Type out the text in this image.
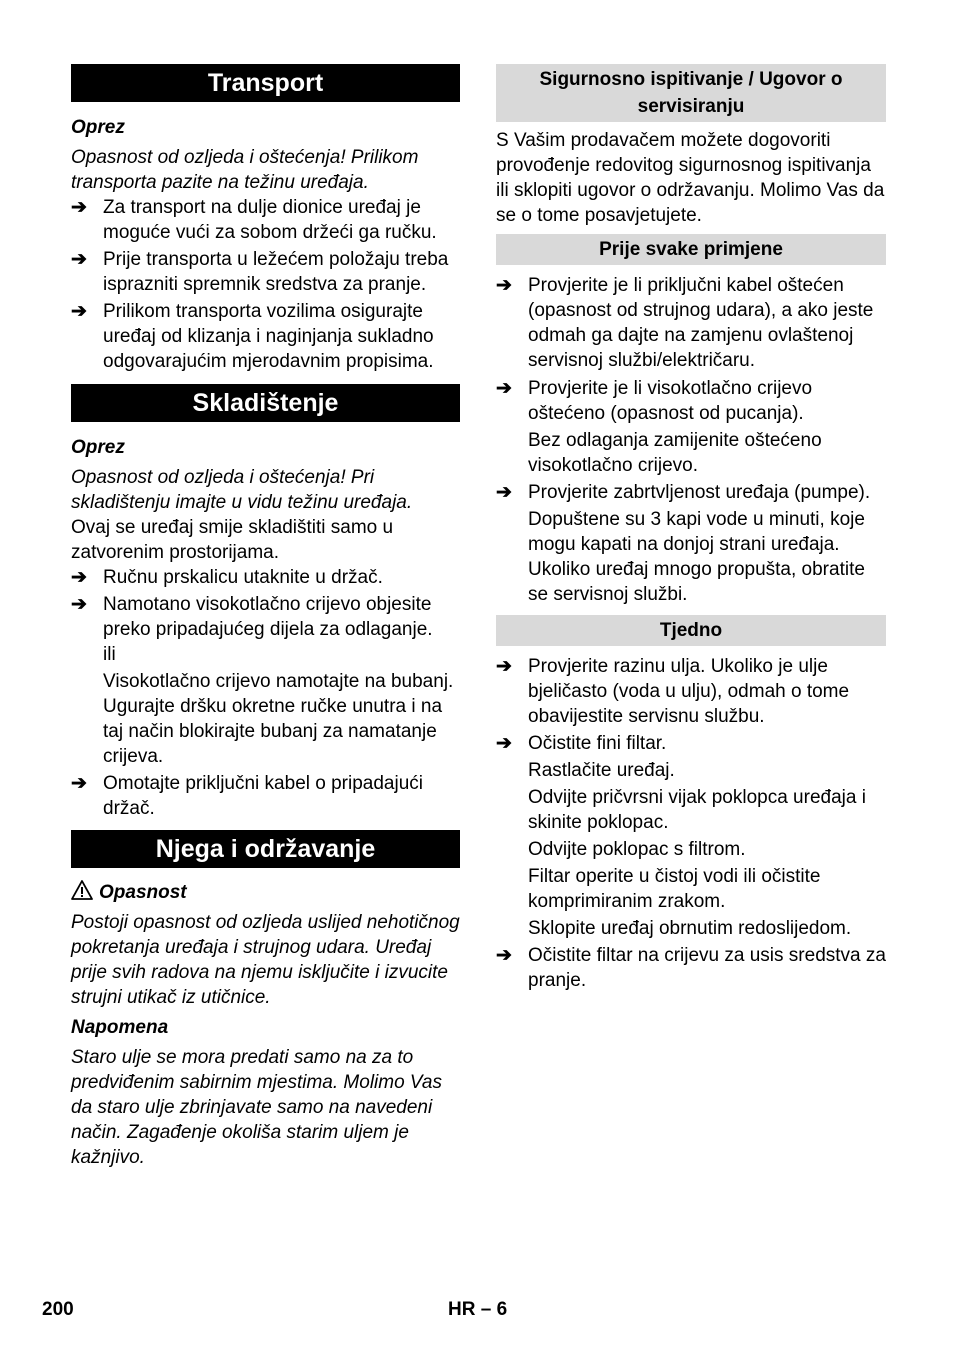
Transport

Oprez

Opasnost od ozljeda i oštećenja! Prilikom transporta pazite na težinu uređaja.

➔ Za transport na dulje dionice uređaj je moguće vući za sobom držeći ga ručku.
➔ Prije transporta u ležećem položaju treba isprazniti spremnik sredstva za pranje.
➔ Prilikom transporta vozilima osigurajte uređaj od klizanja i naginjanja sukladno odgovarajućim mjerodavnim propisima.
Skladištenje

Oprez

Opasnost od ozljeda i oštećenja! Pri skladištenju imajte u vidu težinu uređaja.

Ovaj se uređaj smije skladištiti samo u zatvorenim prostorijama.

➔ Ručnu prskalicu utaknite u držač.
➔ Namotano visokotlačno crijevo objesite preko pripadajućeg dijela za odlaganje.

ili

Visokotlačno crijevo namotajte na bubanj. Ugurajte dršku okretne ručke unutra i na taj način blokirajte bubanj za namatanje crijeva.

➔ Omotajte priključni kabel o pripadajući držač.
Njega i održavanje

Opasnost

Postoji opasnost od ozljeda uslijed nehotičnog pokretanja uređaja i strujnog udara. Uređaj prije svih radova na njemu isključite i izvucite strujni utikač iz utičnice.

Napomena

Staro ulje se mora predati samo na za to predviđenim sabirnim mjestima. Molimo Vas da staro ulje zbrinjavate samo na navedeni način. Zagađenje okoliša starim uljem je kažnjivo.

Sigurnosno ispitivanje / Ugovor o servisiranju

S Vašim prodavačem možete dogovoriti provođenje redovitog sigurnosnog ispitivanja ili sklopiti ugovor o održavanju. Molimo Vas da se o tome posavjetujete.

Prije svake primjene
➔ Provjerite je li priključni kabel oštećen (opasnost od strujnog udara), a ako jeste odmah ga dajte na zamjenu ovlaštenoj servisnoj službi/električaru.
➔ Provjerite je li visokotlačno crijevo oštećeno (opasnost od pucanja).

Bez odlaganja zamijenite oštećeno visokotlačno crijevo.

➔ Provjerite zabrtvljenost uređaja (pumpe).

Dopuštene su 3 kapi vode u minuti, koje mogu kapati na donjoj strani uređaja. Ukoliko uređaj mnogo propušta, obratite se servisnoj službi.

Tjedno
➔ Provjerite razinu ulja. Ukoliko je ulje bjeličasto (voda u ulju), odmah o tome obavijestite servisnu službu.
➔ Očistite fini filtar.

Rastlačite uređaj.

Odvijte pričvrsni vijak poklopca uređaja i skinite poklopac.

Odvijte poklopac s filtrom.

Filtar operite u čistoj vodi ili očistite komprimiranim zrakom.

Sklopite uređaj obrnutim redoslijedom.

➔ Očistite filtar na crijevu za usis sredstva za pranje.
200	HR – 6
